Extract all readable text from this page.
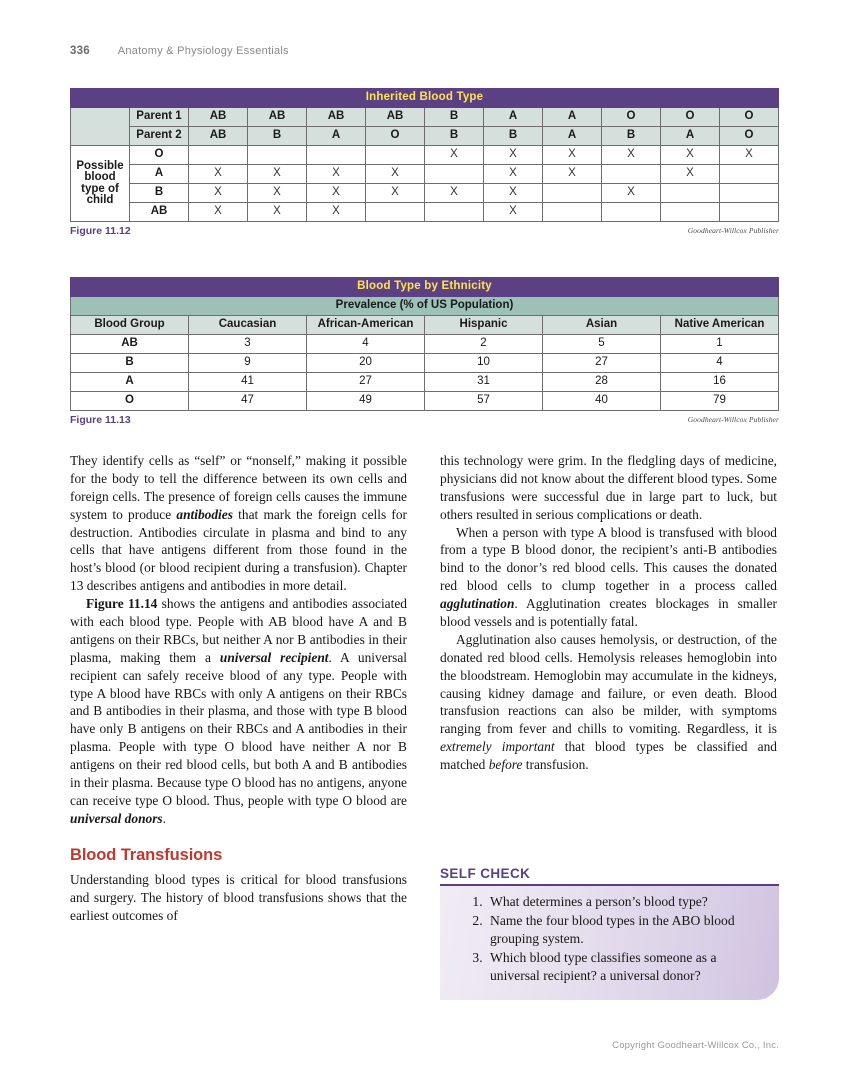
336	Anatomy & Physiology Essentials
Inherited Blood Type											
	Parent 1	AB	AB	AB	AB	B	A	A	O	O	O
	Parent 2	AB	B	A	O	B	B	A	B	A	O
Possible blood type of child	O					X	X	X	X	X	X
	A	X	X	X	X		X	X		X	
	B	X	X	X	X	X	X		X		
	AB	X	X	X			X				
Figure 11.12	Goodheart-Willcox Publisher
Blood Type by Ethnicity					
Prevalence (% of US Population)					
Blood Group	Caucasian	African-American	Hispanic	Asian	Native American
AB	3	4	2	5	1
B	9	20	10	27	4
A	41	27	31	28	16
O	47	49	57	40	79
Figure 11.13	Goodheart-Willcox Publisher

They identify cells as “self” or “nonself,” making it possible for the body to tell the difference between its own cells and foreign cells. The presence of foreign cells causes the immune system to produce antibodies that mark the foreign cells for destruction. Antibodies circulate in plasma and bind to any cells that have antigens different from those found in the host’s blood (or blood recipient during a transfusion). Chapter 13 describes antigens and antibodies in more detail.

Figure 11.14 shows the antigens and antibodies associated with each blood type. People with AB blood have A and B antigens on their RBCs, but neither A nor B antibodies in their plasma, making them a universal recipient. A universal recipient can safely receive blood of any type. People with type A blood have RBCs with only A antigens on their RBCs and B antibodies in their plasma, and those with type B blood have only B antigens on their RBCs and A antibodies in their plasma. People with type O blood have neither A nor B antigens on their red blood cells, but both A and B antibodies in their plasma. Because type O blood has no antigens, anyone can receive type O blood. Thus, people with type O blood are universal donors.

Blood Transfusions

Understanding blood types is critical for blood transfusions and surgery. The history of blood transfusions shows that the earliest outcomes of

this technology were grim. In the fledgling days of medicine, physicians did not know about the different blood types. Some transfusions were successful due in large part to luck, but others resulted in serious complications or death.

When a person with type A blood is transfused with blood from a type B blood donor, the recipient’s anti-B antibodies bind to the donor’s red blood cells. This causes the donated red blood cells to clump together in a process called agglutination. Agglutination creates blockages in smaller blood vessels and is potentially fatal.

Agglutination also causes hemolysis, or destruction, of the donated red blood cells. Hemolysis releases hemoglobin into the bloodstream. Hemoglobin may accumulate in the kidneys, causing kidney damage and failure, or even death. Blood transfusion reactions can also be milder, with symptoms ranging from fever and chills to vomiting. Regardless, it is extremely important that blood types be classified and matched before transfusion.

SELF CHECK
1. What determines a person’s blood type?
2. Name the four blood types in the ABO blood grouping system.
3. Which blood type classifies someone as a universal recipient? a universal donor?
Copyright Goodheart-Willcox Co., Inc.
